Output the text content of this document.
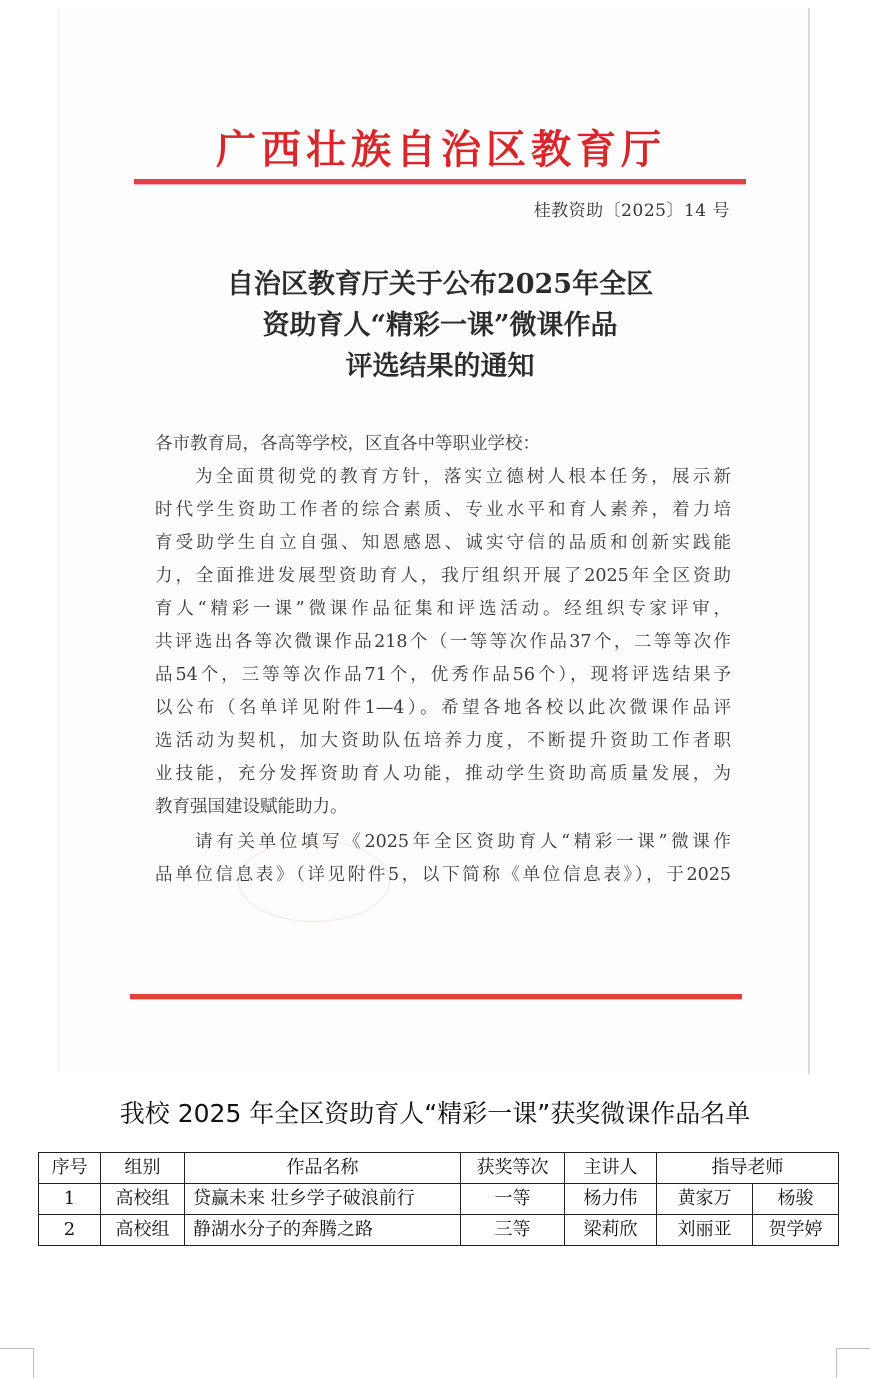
广西壮族自治区教育厅
桂教资助〔2025〕14 号
自治区教育厅关于公布2025年全区
资助育人“精彩一课”微课作品
评选结果的通知
各市教育局，各高等学校，区直各中等职业学校：
为全面贯彻党的教育方针，落实立德树人根本任务，展示新
时代学生资助工作者的综合素质、专业水平和育人素养，着力培
育受助学生自立自强、知恩感恩、诚实守信的品质和创新实践能
力，全面推进发展型资助育人，我厅组织开展了2025年全区资助
育人“精彩一课”微课作品征集和评选活动。经组织专家评审，
共评选出各等次微课作品218个（一等等次作品37个，二等等次作
品54个，三等等次作品71个，优秀作品56个），现将评选结果予
以公布（名单详见附件1—4）。希望各地各校以此次微课作品评
选活动为契机，加大资助队伍培养力度，不断提升资助工作者职
业技能，充分发挥资助育人功能，推动学生资助高质量发展，为
教育强国建设赋能助力。
请有关单位填写《2025年全区资助育人“精彩一课”微课作
品单位信息表》（详见附件5，以下简称《单位信息表》），于2025
我校 2025 年全区资助育人“精彩一课”获奖微课作品名单
序号	组别	作品名称	获奖等次	主讲人	指导老师	
1	高校组	贷赢未来 壮乡学子破浪前行	一等	杨力伟	黄家万	杨骏
2	高校组	静湖水分子的奔腾之路	三等	梁莉欣	刘丽亚	贺学婷
